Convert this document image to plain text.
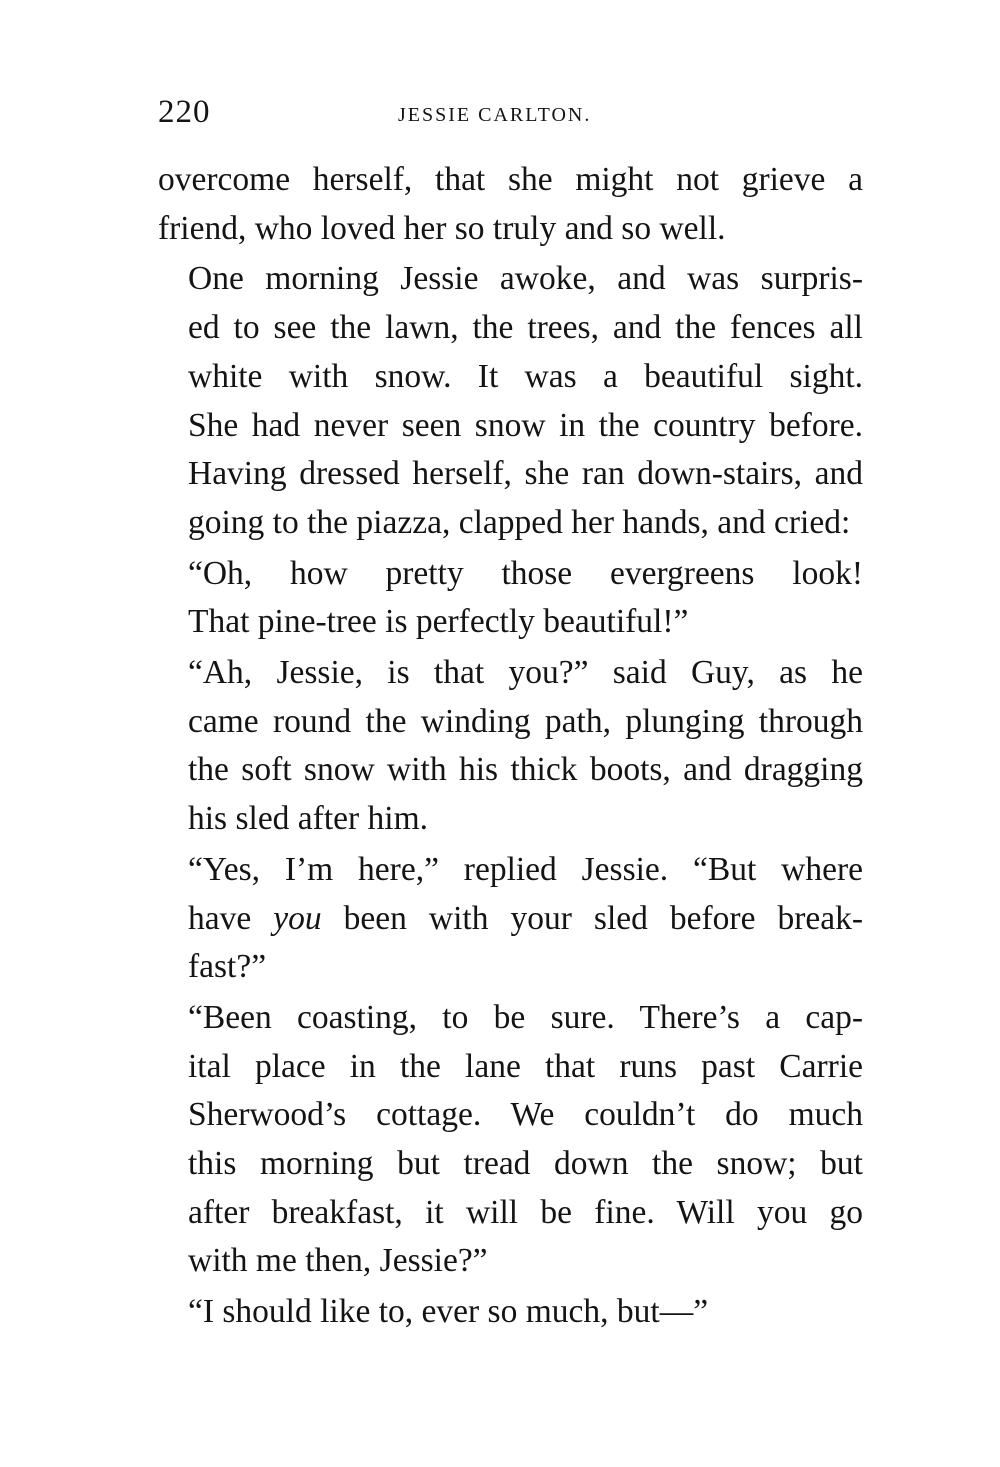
220	JESSIE CARLTON.

overcome herself, that she might not grieve a
friend, who loved her so truly and so well.

One morning Jessie awoke, and was surpris-
ed to see the lawn, the trees, and the fences all
white with snow. It was a beautiful sight.
She had never seen snow in the country before.
Having dressed herself, she ran down-stairs, and
going to the piazza, clapped her hands, and cried:

“Oh, how pretty those evergreens look!
That pine-tree is perfectly beautiful!”

“Ah, Jessie, is that you?” said Guy, as he
came round the winding path, plunging through
the soft snow with his thick boots, and dragging
his sled after him.

“Yes, I’m here,” replied Jessie. “But where
have you been with your sled before break-
fast?”

“Been coasting, to be sure. There’s a cap-
ital place in the lane that runs past Carrie
Sherwood’s cottage. We couldn’t do much
this morning but tread down the snow; but
after breakfast, it will be fine. Will you go
with me then, Jessie?”

“I should like to, ever so much, but—”
